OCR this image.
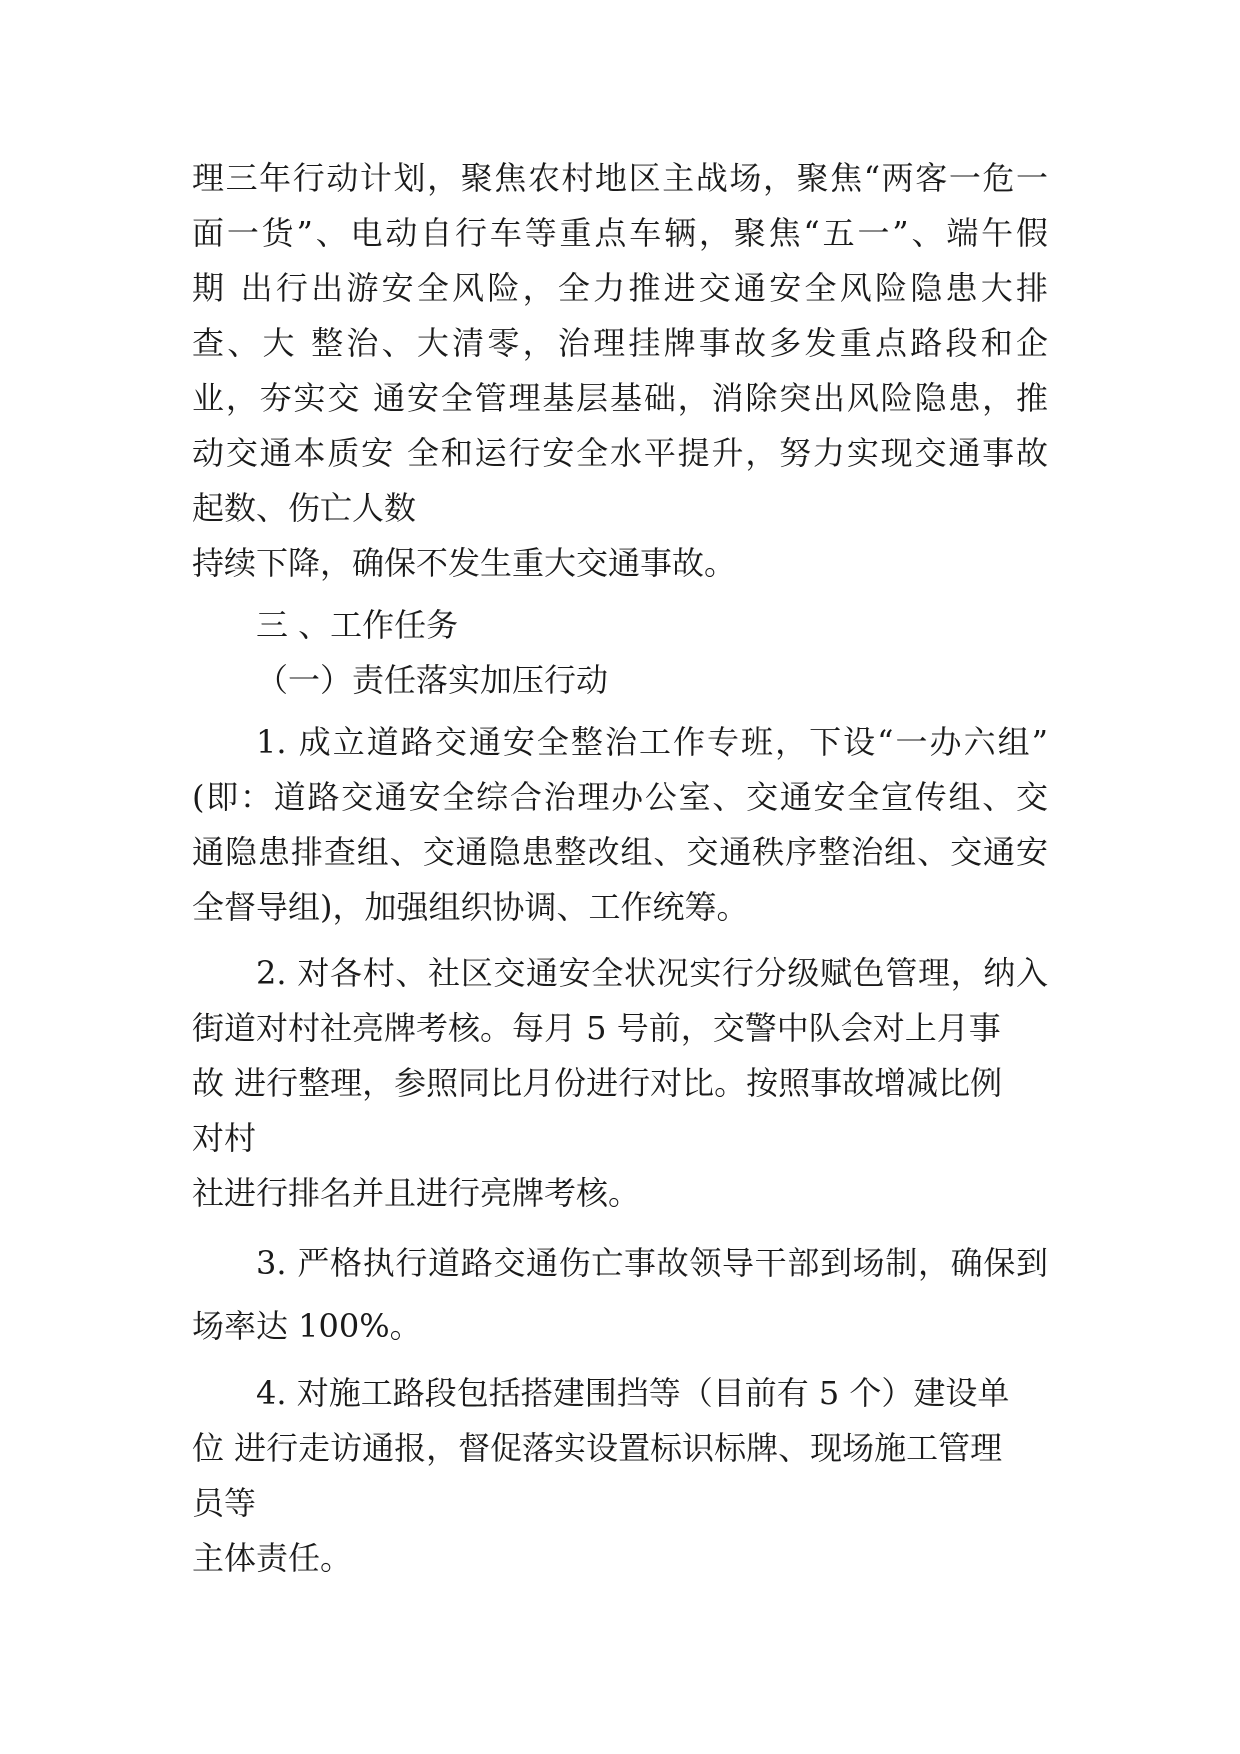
理三年行动计划，聚焦农村地区主战场，聚焦“两客一危一

面一货”、电动自行车等重点车辆，聚焦“五一”、端午假

期 出行出游安全风险，全力推进交通安全风险隐患大排

查、大 整治、大清零，治理挂牌事故多发重点路段和企

业，夯实交 通安全管理基层基础，消除突出风险隐患，推

动交通本质安 全和运行安全水平提升，努力实现交通事故

起数、伤亡人数

持续下降，确保不发生重大交通事故。

三 、工作任务

（一）责任落实加压行动

1. 成立道路交通安全整治工作专班，下设“一办六组”

(即：道路交通安全综合治理办公室、交通安全宣传组、交

通隐患排查组、交通隐患整改组、交通秩序整治组、交通安

全督导组)，加强组织协调、工作统筹。

2. 对各村、社区交通安全状况实行分级赋色管理，纳入

街道对村社亮牌考核。每月 5 号前，交警中队会对上月事

故 进行整理，参照同比月份进行对比。按照事故增减比例

对村

社进行排名并且进行亮牌考核。

3. 严格执行道路交通伤亡事故领导干部到场制，确保到

场率达 100%。

4. 对施工路段包括搭建围挡等（目前有 5 个）建设单

位 进行走访通报，督促落实设置标识标牌、现场施工管理

员等

主体责任。
